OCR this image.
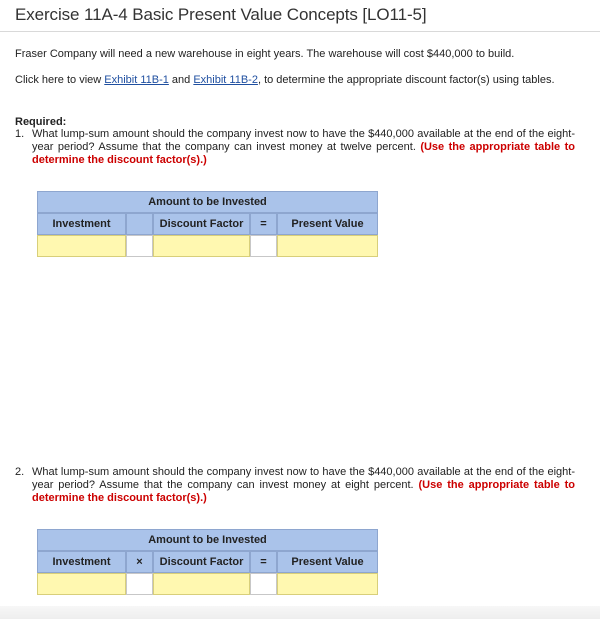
Exercise 11A-4 Basic Present Value Concepts [LO11-5]
Fraser Company will need a new warehouse in eight years. The warehouse will cost $440,000 to build.
Click here to view Exhibit 11B-1 and Exhibit 11B-2, to determine the appropriate discount factor(s) using tables.
Required:
1. What lump-sum amount should the company invest now to have the $440,000 available at the end of the eight-year period? Assume that the company can invest money at twelve percent. (Use the appropriate table to determine the discount factor(s).)
Amount to be Invested
Investment	Discount Factor	=	Present Value
2. What lump-sum amount should the company invest now to have the $440,000 available at the end of the eight-year period? Assume that the company can invest money at eight percent. (Use the appropriate table to determine the discount factor(s).)
Amount to be Invested
Investment	×	Discount Factor	=	Present Value
